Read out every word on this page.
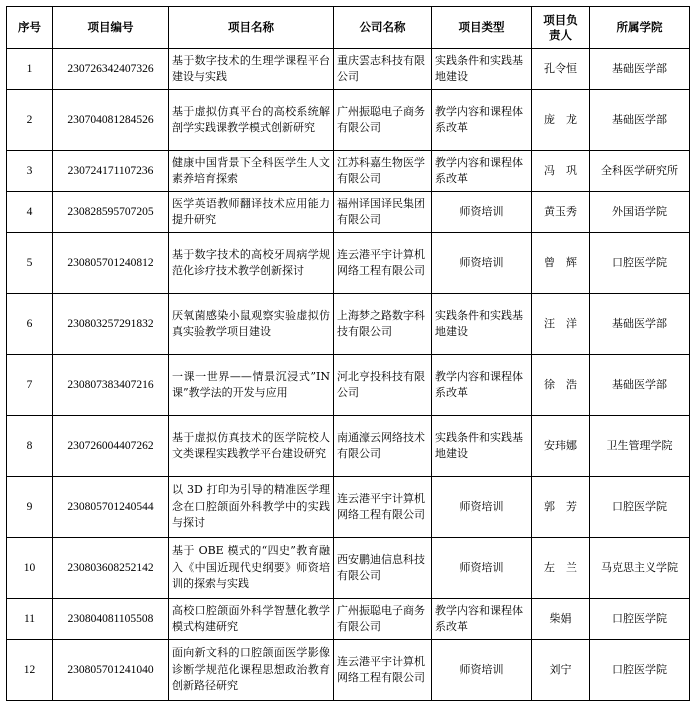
序号	项目编号	项目名称	公司名称	项目类型	项目负责人	所属学院
1	230726342407326	基于数字技术的生理学课程平台建设与实践	重庆雲志科技有限公司	实践条件和实践基地建设	孔令恒	基础医学部
2	230704081284526	基于虚拟仿真平台的高校系统解剖学实践课教学模式创新研究	广州振聪电子商务有限公司	教学内容和课程体系改革	庞　龙	基础医学部
3	230724171107236	健康中国背景下全科医学生人文素养培育探索	江苏科嘉生物医学有限公司	教学内容和课程体系改革	冯　巩	全科医学研究所
4	230828595707205	医学英语教师翻译技术应用能力提升研究	福州译国译民集团有限公司	师资培训	黄玉秀	外国语学院
5	230805701240812	基于数字技术的高校牙周病学规范化诊疗技术教学创新探讨	连云港平宇计算机网络工程有限公司	师资培训	曾　辉	口腔医学院
6	230803257291832	厌氧菌感染小鼠观察实验虚拟仿真实验教学项目建设	上海梦之路数字科技有限公司	实践条件和实践基地建设	汪　洋	基础医学部
7	230807383407216	一课一世界——情景沉浸式”IN 课”教学法的开发与应用	河北亨投科技有限公司	教学内容和课程体系改革	徐　浩	基础医学部
8	230726004407262	基于虚拟仿真技术的医学院校人文类课程实践教学平台建设研究	南通濠云网络技术有限公司	实践条件和实践基地建设	安玮娜	卫生管理学院
9	230805701240544	以 3D 打印为引导的精准医学理念在口腔颌面外科教学中的实践与探讨	连云港平宇计算机网络工程有限公司	师资培训	郭　芳	口腔医学院
10	230803608252142	基于 OBE 模式的“四史”教育融入《中国近现代史纲要》师资培训的探索与实践	西安鹏迪信息科技有限公司	师资培训	左　兰	马克思主义学院
11	230804081105508	高校口腔颌面外科学智慧化教学模式构建研究	广州振聪电子商务有限公司	教学内容和课程体系改革	柴娟	口腔医学院
12	230805701241040	面向新文科的口腔颌面医学影像诊断学规范化课程思想政治教育创新路径研究	连云港平宇计算机网络工程有限公司	师资培训	刘宁	口腔医学院
